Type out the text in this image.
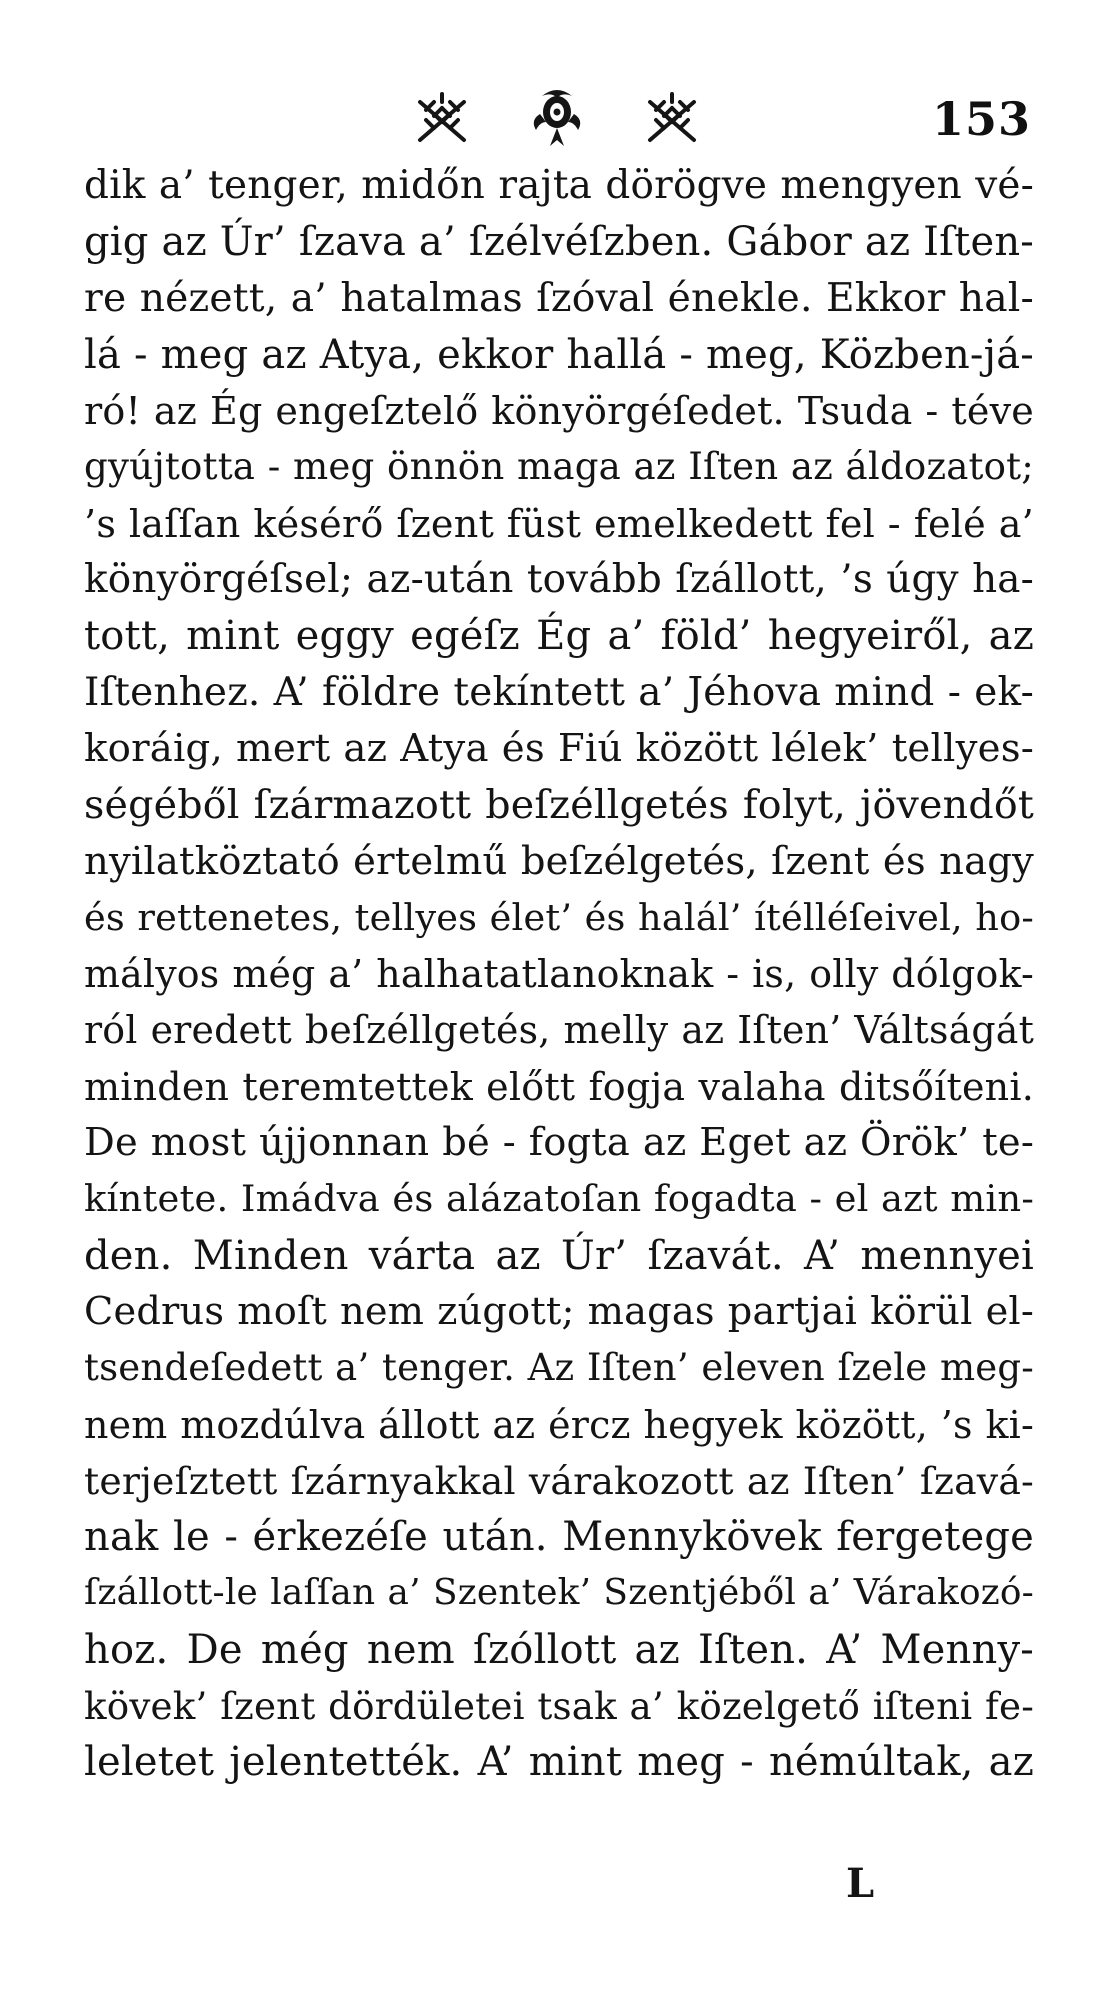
153
dik a’ tenger, midőn rajta dörögve mengyen vé-
gig az Úr’ ſzava a’ ſzélvéſzben. Gábor az Iſten-
re nézett, a’ hatalmas ſzóval énekle. Ekkor hal-
lá - meg az Atya, ekkor hallá - meg, Közben-já-
ró! az Ég engeſztelő könyörgéſedet. Tsuda - téve
gyújtotta - meg önnön maga az Iſten az áldozatot;
’s laſſan késérő ſzent füst emelkedett fel - felé a’
könyörgéſsel; az-után tovább ſzállott, ’s úgy ha-
tott, mint eggy egéſz Ég a’ föld’ hegyeiről, az
Iſtenhez. A’ földre tekíntett a’ Jéhova mind - ek-
koráig, mert az Atya és Fiú között lélek’ tellyes-
ségéből ſzármazott beſzéllgetés folyt, jövendőt
nyilatköztató értelmű beſzélgetés, ſzent és nagy
és rettenetes, tellyes élet’ és halál’ ítélléſeivel, ho-
mályos még a’ halhatatlanoknak - is, olly dólgok-
ról eredett beſzéllgetés, melly az Iſten’ Váltságát
minden teremtettek előtt fogja valaha ditsőíteni.
De most újjonnan bé - fogta az Eget az Örök’ te-
kíntete. Imádva és alázatoſan fogadta - el azt min-
den. Minden várta az Úr’ ſzavát. A’ mennyei
Cedrus moſt nem zúgott; magas partjai körül el-
tsendeſedett a’ tenger. Az Iſten’ eleven ſzele meg-
nem mozdúlva állott az ércz hegyek között, ’s ki-
terjeſztett ſzárnyakkal várakozott az Iſten’ ſzavá-
nak le - érkezéſe után. Mennykövek fergetege
ſzállott-le laſſan a’ Szentek’ Szentjéből a’ Várakozó-
hoz. De még nem ſzóllott az Iſten. A’ Menny-
kövek’ ſzent dördületei tsak a’ közelgető iſteni fe-
leletet jelentették. A’ mint meg - némúltak, az
L
